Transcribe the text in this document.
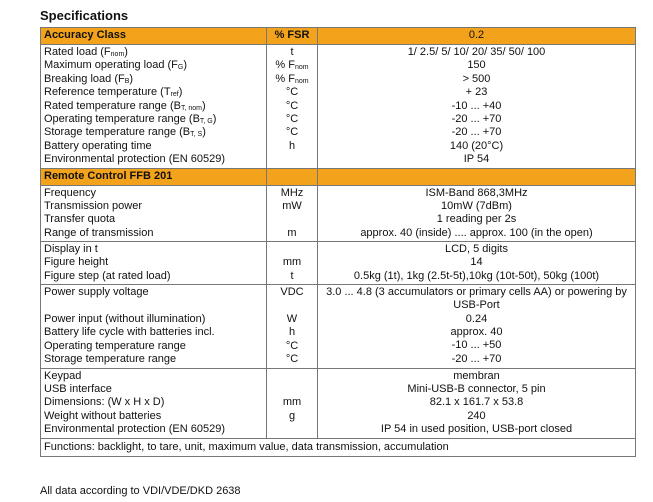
Specifications
Accuracy Class	% FSR	0.2
Rated load $(F_{nom})$
Maximum operating load $(F_G)$
Breaking load $(F_B)$
Reference temperature $(T_{ref})$
Rated temperature range $(B_{T, nom})$
Operating temperature range $(B_{T, G})$
Storage temperature range $(B_{T, S})$
Battery operating time
Environmental protection (EN 60529)
t
% $F_{nom}$
% $F_{nom}$
°C
°C
°C
°C
h
1/ 2.5/ 5/ 10/ 20/ 35/ 50/ 100
150
> 500
+ 23
-10 ... +40
-20 ... +70
-20 ... +70
140 (20°C)
IP 54
Remote Control FFB 201
Frequency
Transmission power
Transfer quota
Range of transmission
MHz
mW
m
ISM-Band 868,3MHz
10mW (7dBm)
1 reading per 2s
approx. 40 (inside) .... approx. 100 (in the open)
Display in t
Figure height
Figure step (at rated load)
mm
t
LCD, 5 digits
14
0.5kg (1t), 1kg (2.5t-5t),10kg (10t-50t), 50kg (100t)
Power supply voltage
Power input (without illumination)
Battery life cycle with batteries incl.
Operating temperature range
Storage temperature range
VDC
W
h
°C
°C
3.0 ... 4.8 (3 accumulators or primary cells AA) or powering by USB-Port
0.24
approx. 40
-10 ... +50
-20 ... +70
Keypad
USB interface
Dimensions: (W x H x D)
Weight without batteries
Environmental protection (EN 60529)
mm
g
membran
Mini-USB-B connector, 5 pin
82.1 x 161.7 x 53.8
240
IP 54 in used position, USB-port closed
Functions: backlight, to tare, unit, maximum value, data transmission, accumulation
All data according to VDI/VDE/DKD 2638
